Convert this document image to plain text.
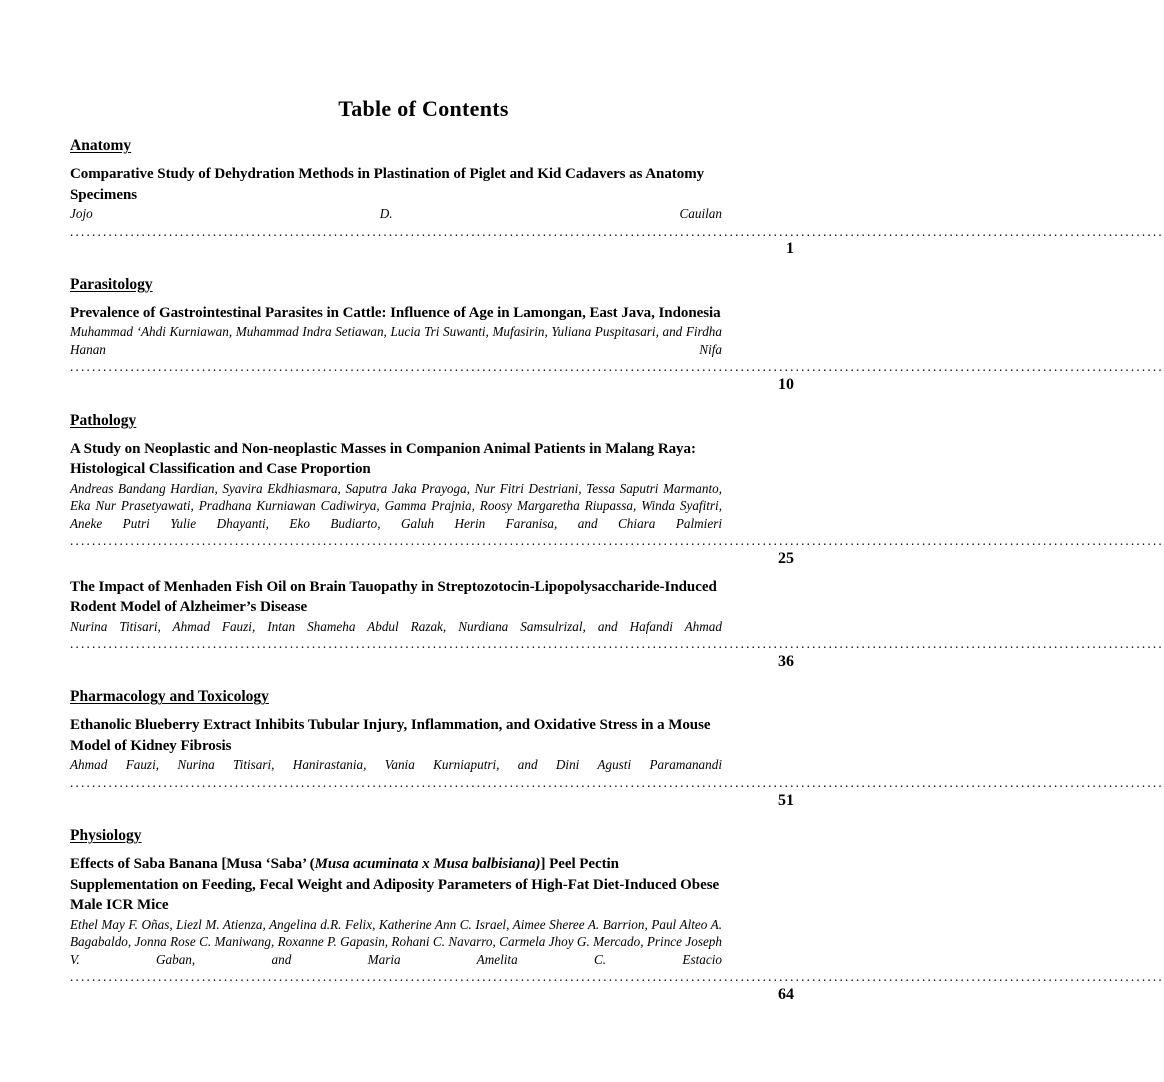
Table of Contents
Anatomy
Comparative Study of Dehydration Methods in Plastination of Piglet and Kid Cadavers as Anatomy Specimens
Jojo D. Cauilan .......................................................................................................................................................................................................
1
Parasitology
Prevalence of Gastrointestinal Parasites in Cattle: Influence of Age in Lamongan, East Java, Indonesia
Muhammad ʻAhdi Kurniawan, Muhammad Indra Setiawan, Lucia Tri Suwanti, Mufasirin, Yuliana Puspitasari, and Firdha Hanan Nifa .......................................................................................................................................................................................................
10
Pathology
A Study on Neoplastic and Non-neoplastic Masses in Companion Animal Patients in Malang Raya: Histological Classification and Case Proportion
Andreas Bandang Hardian, Syavira Ekdhiasmara, Saputra Jaka Prayoga, Nur Fitri Destriani, Tessa Saputri Marmanto, Eka Nur Prasetyawati, Pradhana Kurniawan Cadiwirya, Gamma Prajnia, Roosy Margaretha Riupassa, Winda Syafitri, Aneke Putri Yulie Dhayanti, Eko Budiarto, Galuh Herin Faranisa, and Chiara Palmieri .......................................................................................................................................................................................................
25
The Impact of Menhaden Fish Oil on Brain Tauopathy in Streptozotocin-Lipopolysaccharide-Induced Rodent Model of Alzheimer’s Disease
Nurina Titisari, Ahmad Fauzi, Intan Shameha Abdul Razak, Nurdiana Samsulrizal, and Hafandi Ahmad .......................................................................................................................................................................................................
36
Pharmacology and Toxicology
Ethanolic Blueberry Extract Inhibits Tubular Injury, Inflammation, and Oxidative Stress in a Mouse Model of Kidney Fibrosis
Ahmad Fauzi, Nurina Titisari, Hanirastania, Vania Kurniaputri, and Dini Agusti Paramanandi .......................................................................................................................................................................................................
51
Physiology
Effects of Saba Banana [Musa ‘Saba’ (Musa acuminata x Musa balbisiana)] Peel Pectin Supplementation on Feeding, Fecal Weight and Adiposity Parameters of High-Fat Diet-Induced Obese Male ICR Mice
Ethel May F. Oñas, Liezl M. Atienza, Angelina d.R. Felix, Katherine Ann C. Israel, Aimee Sheree A. Barrion, Paul Alteo A. Bagabaldo, Jonna Rose C. Maniwang, Roxanne P. Gapasin, Rohani C. Navarro, Carmela Jhoy G. Mercado, Prince Joseph V. Gaban, and Maria Amelita C. Estacio .......................................................................................................................................................................................................
64
